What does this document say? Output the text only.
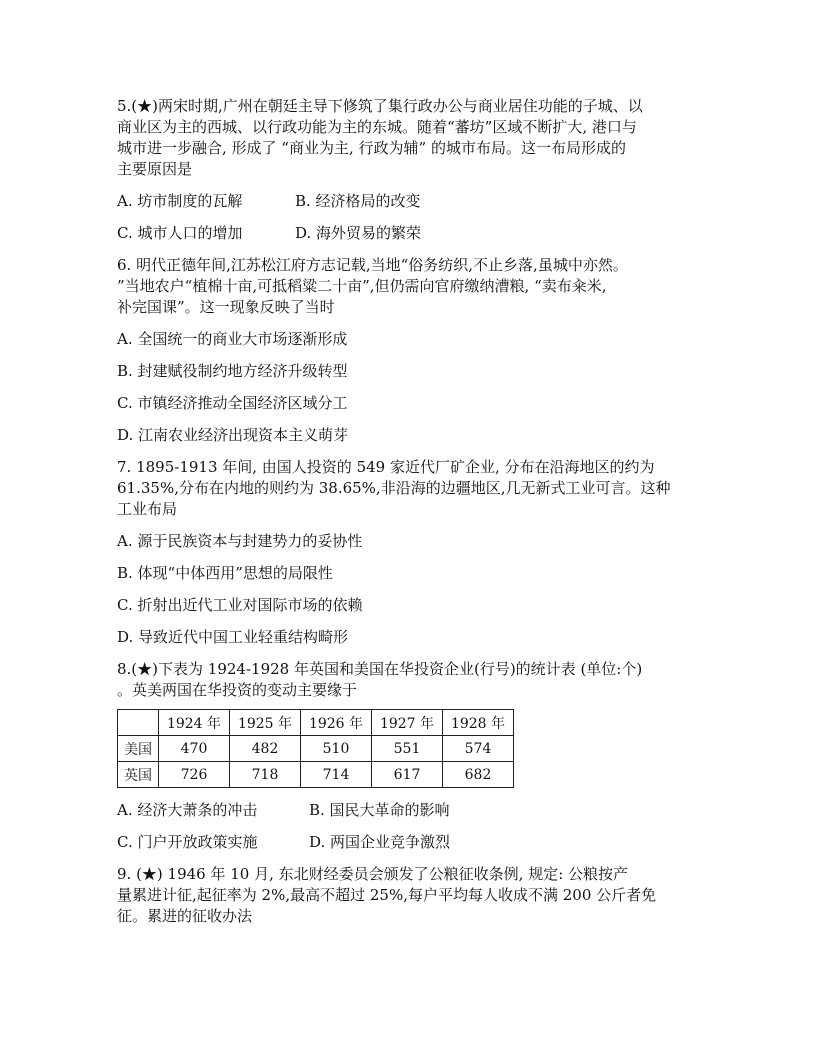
5.(★)两宋时期,广州在朝廷主导下修筑了集行政办公与商业居住功能的子城、以
商业区为主的西城、以行政功能为主的东城。随着“蕃坊”区域不断扩大, 港口与
城市进一步融合, 形成了 “商业为主, 行政为辅” 的城市布局。这一布局形成的
主要原因是
A. 坊市制度的瓦解	B. 经济格局的改变
C. 城市人口的增加	D. 海外贸易的繁荣
6. 明代正德年间,江苏松江府方志记载,当地“俗务纺织,不止乡落,虽城中亦然。
”当地农户“植棉十亩,可抵稻粱二十亩”,但仍需向官府缴纳漕粮, “卖布籴米,
补完国课”。这一现象反映了当时
A. 全国统一的商业大市场逐渐形成
B. 封建赋役制约地方经济升级转型
C. 市镇经济推动全国经济区域分工
D. 江南农业经济出现资本主义萌芽
7. 1895-1913 年间, 由国人投资的 549 家近代厂矿企业, 分布在沿海地区的约为
61.35%,分布在内地的则约为 38.65%,非沿海的边疆地区,几无新式工业可言。这种
工业布局
A. 源于民族资本与封建势力的妥协性
B. 体现“中体西用”思想的局限性
C. 折射出近代工业对国际市场的依赖
D. 导致近代中国工业轻重结构畸形
8.(★)下表为 1924-1928 年英国和美国在华投资企业(行号)的统计表 (单位:个)
。英美两国在华投资的变动主要缘于
	1924 年	1925 年	1926 年	1927 年	1928 年
美国	470	482	510	551	574
英国	726	718	714	617	682
A. 经济大萧条的冲击	B. 国民大革命的影响
C. 门户开放政策实施	D. 两国企业竞争激烈
9. (★) 1946 年 10 月, 东北财经委员会颁发了公粮征收条例, 规定: 公粮按产
量累进计征,起征率为 2%,最高不超过 25%,每户平均每人收成不满 200 公斤者免
征。累进的征收办法
